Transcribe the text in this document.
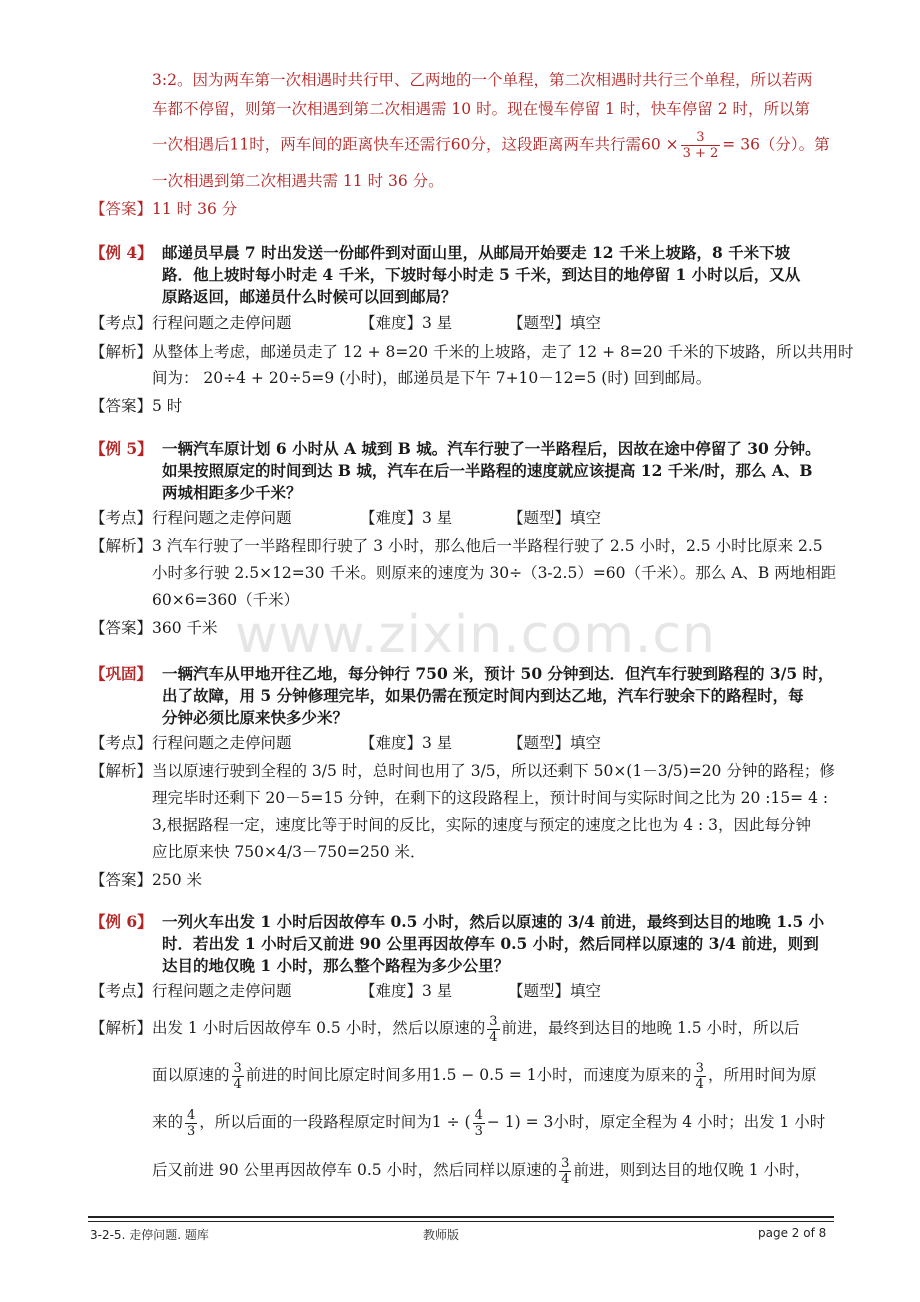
www.zixin.com.cn
3:2。因为两车第一次相遇时共行甲、乙两地的一个单程，第二次相遇时共行三个单程，所以若两
车都不停留，则第一次相遇到第二次相遇需 10 时。现在慢车停留 1 时，快车停留 2 时，所以第
一次相遇后11时，两车间的距离快车还需行60分，这段距离两车共行需$60 \times \frac{3}{3 + 2} = 36$（分）。第
一次相遇到第二次相遇共需 11 时 36 分。
【答案】11 时 36 分
【例 4】 邮递员早晨 7 时出发送一份邮件到对面山里，从邮局开始要走 12 千米上坡路，8 千米下坡
路．他上坡时每小时走 4 千米，下坡时每小时走 5 千米，到达目的地停留 1 小时以后，又从
原路返回，邮递员什么时候可以回到邮局？
【考点】行程问题之走停问题	【难度】3 星	【题型】填空
【解析】 从整体上考虑，邮递员走了 12 + 8=20 千米的上坡路，走了 12 + 8=20 千米的下坡路，所以共用时
间为： 20÷4 + 20÷5=9 (小时)，邮递员是下午 7+10－12=5 (时) 回到邮局。
【答案】5 时
【例 5】 一辆汽车原计划 6 小时从 A 城到 B 城。汽车行驶了一半路程后，因故在途中停留了 30 分钟。
如果按照原定的时间到达 B 城，汽车在后一半路程的速度就应该提高 12 千米/时，那么 A、B
两城相距多少千米？
【考点】行程问题之走停问题	【难度】3 星	【题型】填空
【解析】 3 汽车行驶了一半路程即行驶了 3 小时，那么他后一半路程行驶了 2.5 小时，2.5 小时比原来 2.5
小时多行驶 2.5×12=30 千米。则原来的速度为 30÷（3-2.5）=60（千米）。那么 A、B 两地相距
60×6=360（千米）
【答案】360 千米
【巩固】 一辆汽车从甲地开往乙地，每分钟行 750 米，预计 50 分钟到达．但汽车行驶到路程的 3/5 时，
出了故障，用 5 分钟修理完毕，如果仍需在预定时间内到达乙地，汽车行驶余下的路程时，每
分钟必须比原来快多少米？
【考点】行程问题之走停问题	【难度】3 星	【题型】填空
【解析】 当以原速行驶到全程的 3/5 时，总时间也用了 3/5，所以还剩下 50×(1－3/5)=20 分钟的路程；修
理完毕时还剩下 20－5=15 分钟，在剩下的这段路程上，预计时间与实际时间之比为 20 :15= 4 :
3,根据路程一定，速度比等于时间的反比，实际的速度与预定的速度之比也为 4 : 3，因此每分钟
应比原来快 750×4/3－750=250 米．
【答案】250 米
【例 6】 一列火车出发 1 小时后因故停车 0.5 小时，然后以原速的 3/4 前进，最终到达目的地晚 1.5 小
时．若出发 1 小时后又前进 90 公里再因故停车 0.5 小时，然后同样以原速的 3/4 前进，则到
达目的地仅晚 1 小时，那么整个路程为多少公里？
【考点】行程问题之走停问题	【难度】3 星	【题型】填空
【解析】 出发 1 小时后因故停车 0.5 小时，然后以原速的 $\frac{3}{4}$ 前进，最终到达目的地晚 1.5 小时，所以后
面以原速的 $\frac{3}{4}$ 前进的时间比原定时间多用1.5 − 0.5 = 1小时，而速度为原来的 $\frac{3}{4}$ ，所用时间为原
来的 $\frac{4}{3}$ ，所以后面的一段路程原定时间为1 ÷ ( $\frac{4}{3} - 1) = 3$小时，原定全程为 4 小时；出发 1 小时
后又前进 90 公里再因故停车 0.5 小时，然后同样以原速的 $\frac{3}{4}$ 前进，则到达目的地仅晚 1 小时，
3-2-5. 走停问题. 题库	教师版	page 2 of 8
